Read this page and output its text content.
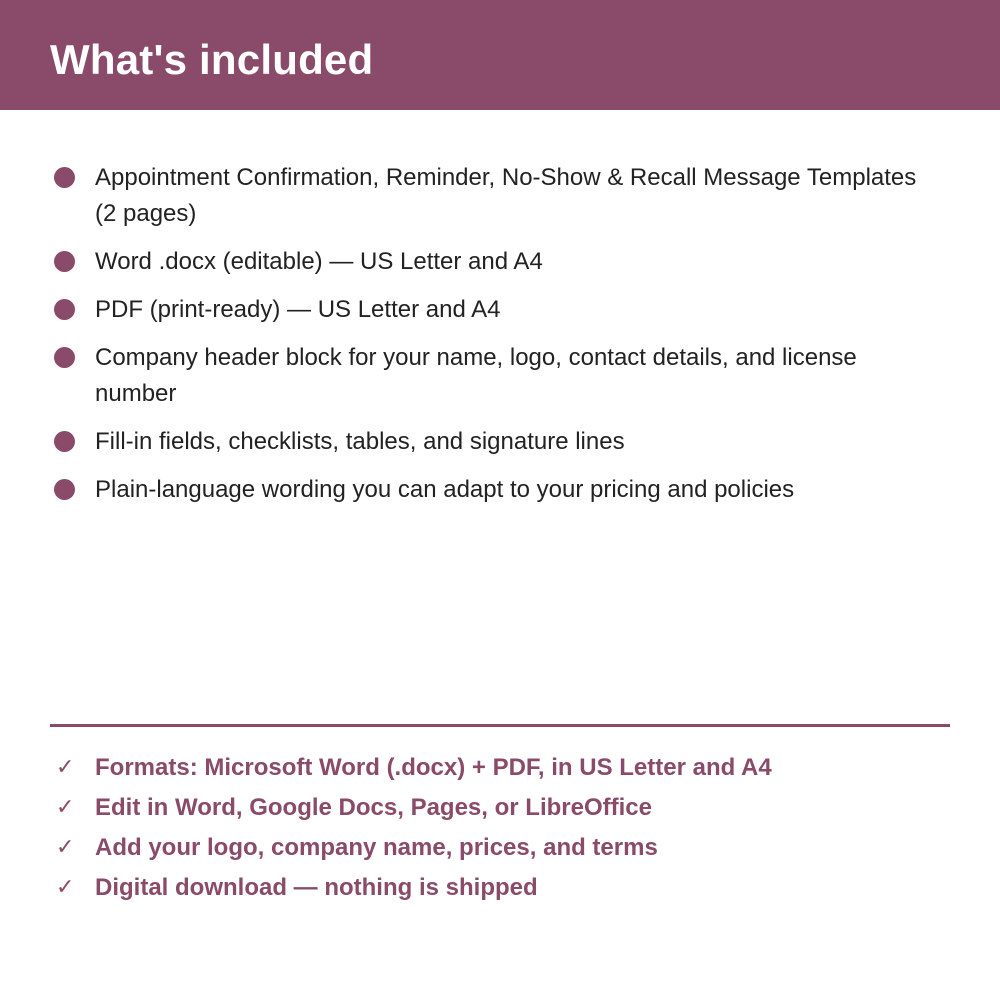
What's included
Appointment Confirmation, Reminder, No-Show & Recall Message Templates (2 pages)
Word .docx (editable) — US Letter and A4
PDF (print-ready) — US Letter and A4
Company header block for your name, logo, contact details, and license number
Fill-in fields, checklists, tables, and signature lines
Plain-language wording you can adapt to your pricing and policies
✓ Formats: Microsoft Word (.docx) + PDF, in US Letter and A4
✓ Edit in Word, Google Docs, Pages, or LibreOffice
✓ Add your logo, company name, prices, and terms
✓ Digital download — nothing is shipped
